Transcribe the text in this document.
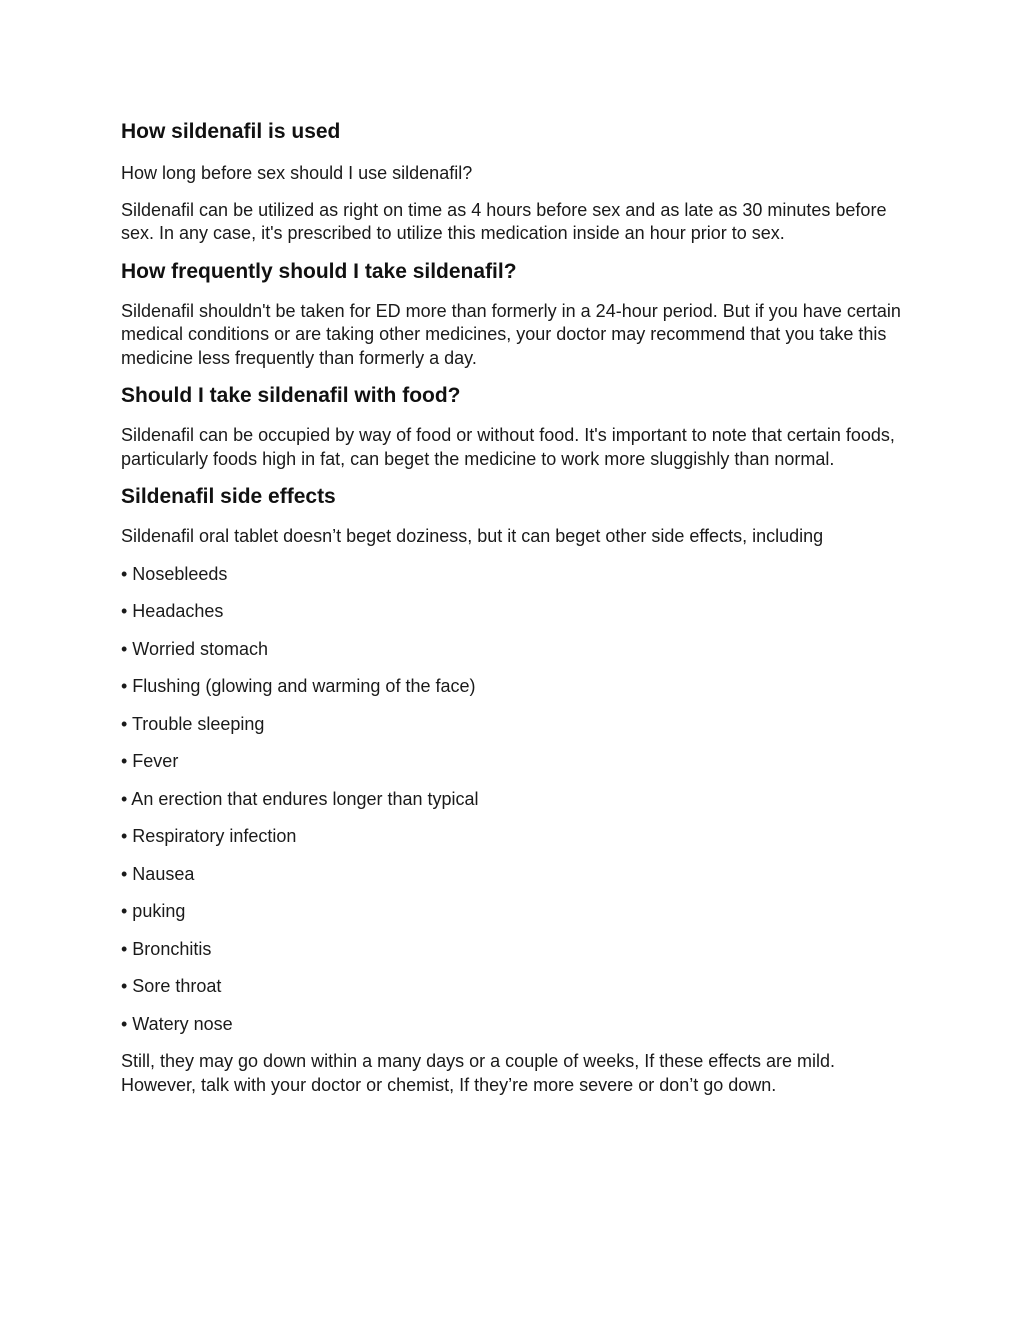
How sildenafil is used

How long before sex should I use sildenafil?

Sildenafil can be utilized as right on time as 4 hours before sex and as late as 30 minutes before sex. In any case, it's prescribed to utilize this medication inside an hour prior to sex.

How frequently should I take sildenafil?

Sildenafil shouldn't be taken for ED more than formerly in a 24-hour period. But if you have certain medical conditions or are taking other medicines, your doctor may recommend that you take this medicine less frequently than formerly a day.

Should I take sildenafil with food?

Sildenafil can be occupied by way of food or without food. It's important to note that certain foods, particularly foods high in fat, can beget the medicine to work more sluggishly than normal.

Sildenafil side effects

Sildenafil oral tablet doesn’t beget doziness, but it can beget other side effects, including

• Nosebleeds
• Headaches
• Worried stomach
• Flushing (glowing and warming of the face)
• Trouble sleeping
• Fever
• An erection that endures longer than typical
• Respiratory infection
• Nausea
• puking
• Bronchitis
• Sore throat
• Watery nose

Still, they may go down within a many days or a couple of weeks, If these effects are mild. However, talk with your doctor or chemist, If they’re more severe or don’t go down.
